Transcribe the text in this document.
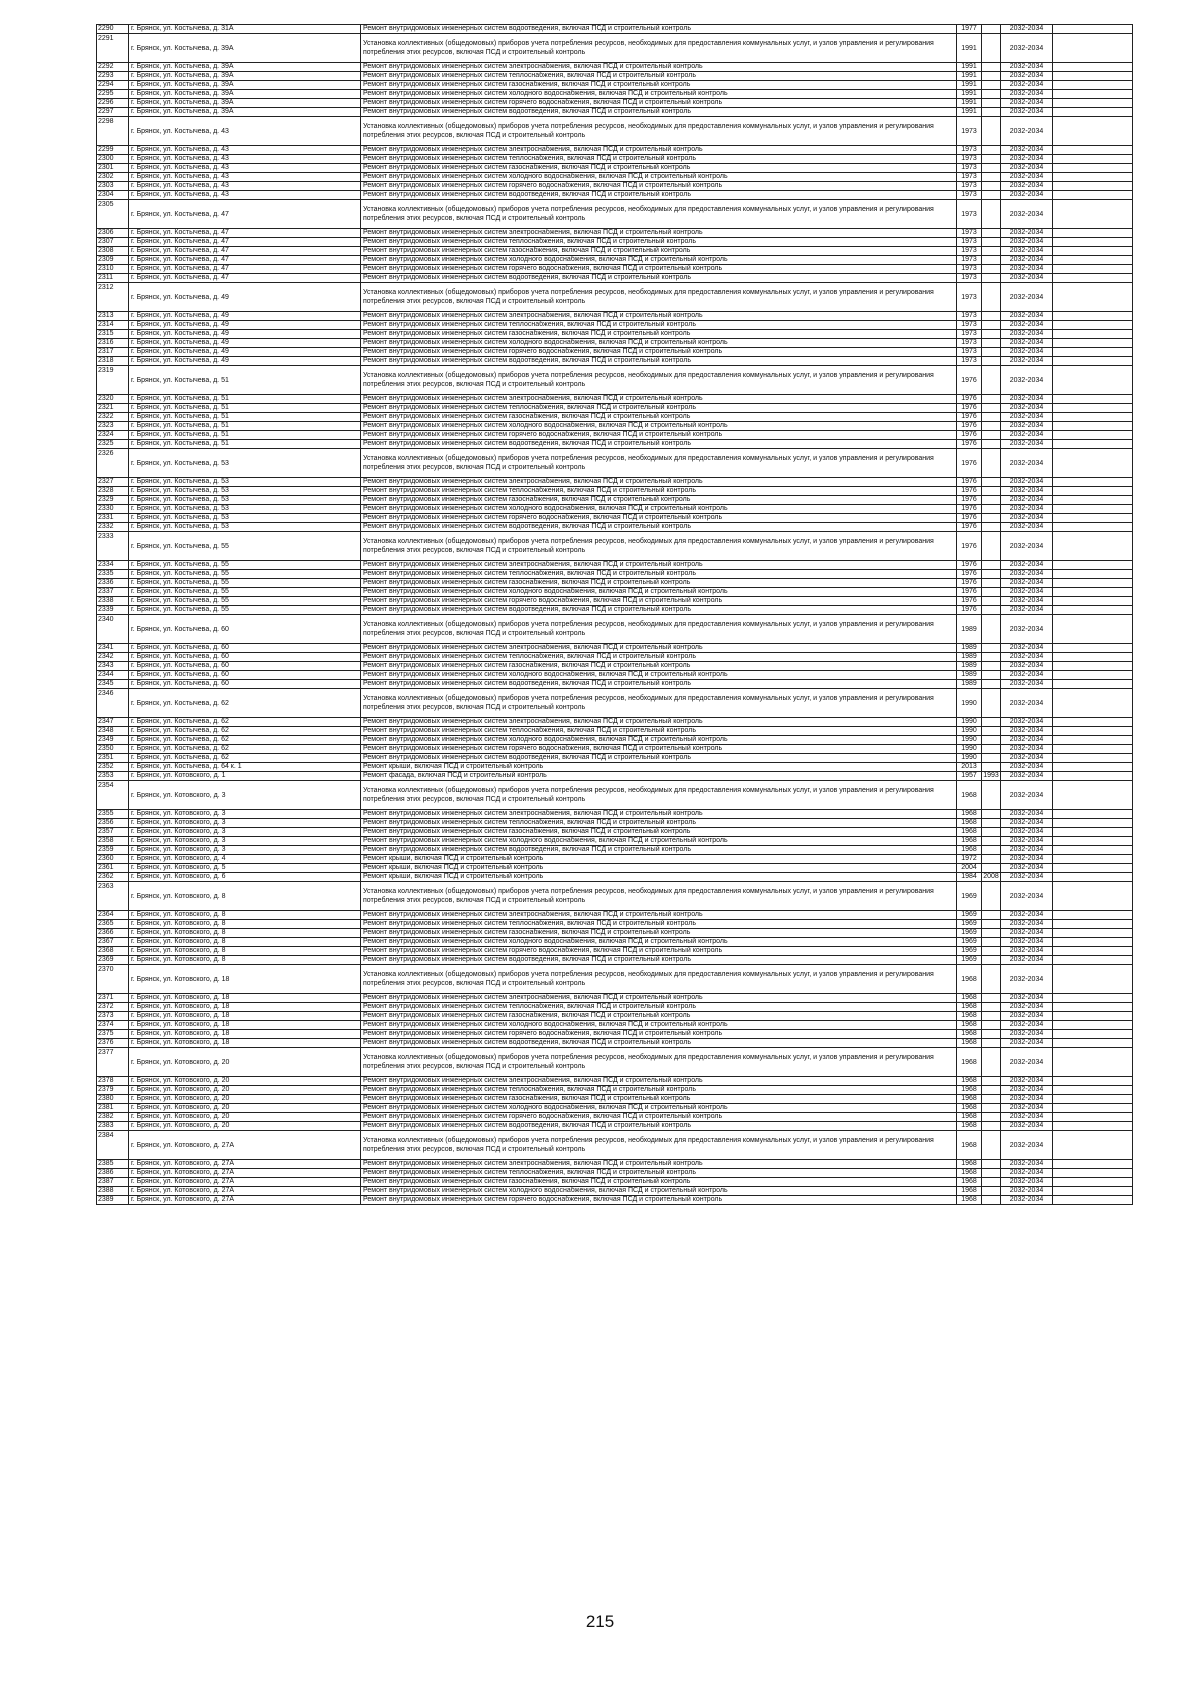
2290	г. Брянск, ул. Костычева, д. 31А	Ремонт внутридомовых инженерных систем водоотведения, включая ПСД и строительный контроль	1977		2032-2034	
2291	г. Брянск, ул. Костычева, д. 39А	Установка коллективных (общедомовых) приборов учета потребления ресурсов, необходимых для предоставления коммунальных услуг, и узлов управления и регулирования потребления этих ресурсов, включая ПСД и строительный контроль	1991		2032-2034	
2292	г. Брянск, ул. Костычева, д. 39А	Ремонт внутридомовых инженерных систем электроснабжения, включая ПСД и строительный контроль	1991		2032-2034	
2293	г. Брянск, ул. Костычева, д. 39А	Ремонт внутридомовых инженерных систем теплоснабжения, включая ПСД и строительный контроль	1991		2032-2034	
2294	г. Брянск, ул. Костычева, д. 39А	Ремонт внутридомовых инженерных систем газоснабжения, включая ПСД и строительный контроль	1991		2032-2034	
2295	г. Брянск, ул. Костычева, д. 39А	Ремонт внутридомовых инженерных систем холодного водоснабжения, включая ПСД и строительный контроль	1991		2032-2034	
2296	г. Брянск, ул. Костычева, д. 39А	Ремонт внутридомовых инженерных систем горячего водоснабжения, включая ПСД и строительный контроль	1991		2032-2034	
2297	г. Брянск, ул. Костычева, д. 39А	Ремонт внутридомовых инженерных систем водоотведения, включая ПСД и строительный контроль	1991		2032-2034	
2298	г. Брянск, ул. Костычева, д. 43	Установка коллективных (общедомовых) приборов учета потребления ресурсов, необходимых для предоставления коммунальных услуг, и узлов управления и регулирования потребления этих ресурсов, включая ПСД и строительный контроль	1973		2032-2034	
2299	г. Брянск, ул. Костычева, д. 43	Ремонт внутридомовых инженерных систем электроснабжения, включая ПСД и строительный контроль	1973		2032-2034	
2300	г. Брянск, ул. Костычева, д. 43	Ремонт внутридомовых инженерных систем теплоснабжения, включая ПСД и строительный контроль	1973		2032-2034	
2301	г. Брянск, ул. Костычева, д. 43	Ремонт внутридомовых инженерных систем газоснабжения, включая ПСД и строительный контроль	1973		2032-2034	
2302	г. Брянск, ул. Костычева, д. 43	Ремонт внутридомовых инженерных систем холодного водоснабжения, включая ПСД и строительный контроль	1973		2032-2034	
2303	г. Брянск, ул. Костычева, д. 43	Ремонт внутридомовых инженерных систем горячего водоснабжения, включая ПСД и строительный контроль	1973		2032-2034	
2304	г. Брянск, ул. Костычева, д. 43	Ремонт внутридомовых инженерных систем водоотведения, включая ПСД и строительный контроль	1973		2032-2034	
2305	г. Брянск, ул. Костычева, д. 47	Установка коллективных (общедомовых) приборов учета потребления ресурсов, необходимых для предоставления коммунальных услуг, и узлов управления и регулирования потребления этих ресурсов, включая ПСД и строительный контроль	1973		2032-2034	
2306	г. Брянск, ул. Костычева, д. 47	Ремонт внутридомовых инженерных систем электроснабжения, включая ПСД и строительный контроль	1973		2032-2034	
2307	г. Брянск, ул. Костычева, д. 47	Ремонт внутридомовых инженерных систем теплоснабжения, включая ПСД и строительный контроль	1973		2032-2034	
2308	г. Брянск, ул. Костычева, д. 47	Ремонт внутридомовых инженерных систем газоснабжения, включая ПСД и строительный контроль	1973		2032-2034	
2309	г. Брянск, ул. Костычева, д. 47	Ремонт внутридомовых инженерных систем холодного водоснабжения, включая ПСД и строительный контроль	1973		2032-2034	
2310	г. Брянск, ул. Костычева, д. 47	Ремонт внутридомовых инженерных систем горячего водоснабжения, включая ПСД и строительный контроль	1973		2032-2034	
2311	г. Брянск, ул. Костычева, д. 47	Ремонт внутридомовых инженерных систем водоотведения, включая ПСД и строительный контроль	1973		2032-2034	
2312	г. Брянск, ул. Костычева, д. 49	Установка коллективных (общедомовых) приборов учета потребления ресурсов, необходимых для предоставления коммунальных услуг, и узлов управления и регулирования потребления этих ресурсов, включая ПСД и строительный контроль	1973		2032-2034	
2313	г. Брянск, ул. Костычева, д. 49	Ремонт внутридомовых инженерных систем электроснабжения, включая ПСД и строительный контроль	1973		2032-2034	
2314	г. Брянск, ул. Костычева, д. 49	Ремонт внутридомовых инженерных систем теплоснабжения, включая ПСД и строительный контроль	1973		2032-2034	
2315	г. Брянск, ул. Костычева, д. 49	Ремонт внутридомовых инженерных систем газоснабжения, включая ПСД и строительный контроль	1973		2032-2034	
2316	г. Брянск, ул. Костычева, д. 49	Ремонт внутридомовых инженерных систем холодного водоснабжения, включая ПСД и строительный контроль	1973		2032-2034	
2317	г. Брянск, ул. Костычева, д. 49	Ремонт внутридомовых инженерных систем горячего водоснабжения, включая ПСД и строительный контроль	1973		2032-2034	
2318	г. Брянск, ул. Костычева, д. 49	Ремонт внутридомовых инженерных систем водоотведения, включая ПСД и строительный контроль	1973		2032-2034	
2319	г. Брянск, ул. Костычева, д. 51	Установка коллективных (общедомовых) приборов учета потребления ресурсов, необходимых для предоставления коммунальных услуг, и узлов управления и регулирования потребления этих ресурсов, включая ПСД и строительный контроль	1976		2032-2034	
2320	г. Брянск, ул. Костычева, д. 51	Ремонт внутридомовых инженерных систем электроснабжения, включая ПСД и строительный контроль	1976		2032-2034	
2321	г. Брянск, ул. Костычева, д. 51	Ремонт внутридомовых инженерных систем теплоснабжения, включая ПСД и строительный контроль	1976		2032-2034	
2322	г. Брянск, ул. Костычева, д. 51	Ремонт внутридомовых инженерных систем газоснабжения, включая ПСД и строительный контроль	1976		2032-2034	
2323	г. Брянск, ул. Костычева, д. 51	Ремонт внутридомовых инженерных систем холодного водоснабжения, включая ПСД и строительный контроль	1976		2032-2034	
2324	г. Брянск, ул. Костычева, д. 51	Ремонт внутридомовых инженерных систем горячего водоснабжения, включая ПСД и строительный контроль	1976		2032-2034	
2325	г. Брянск, ул. Костычева, д. 51	Ремонт внутридомовых инженерных систем водоотведения, включая ПСД и строительный контроль	1976		2032-2034	
2326	г. Брянск, ул. Костычева, д. 53	Установка коллективных (общедомовых) приборов учета потребления ресурсов, необходимых для предоставления коммунальных услуг, и узлов управления и регулирования потребления этих ресурсов, включая ПСД и строительный контроль	1976		2032-2034	
2327	г. Брянск, ул. Костычева, д. 53	Ремонт внутридомовых инженерных систем электроснабжения, включая ПСД и строительный контроль	1976		2032-2034	
2328	г. Брянск, ул. Костычева, д. 53	Ремонт внутридомовых инженерных систем теплоснабжения, включая ПСД и строительный контроль	1976		2032-2034	
2329	г. Брянск, ул. Костычева, д. 53	Ремонт внутридомовых инженерных систем газоснабжения, включая ПСД и строительный контроль	1976		2032-2034	
2330	г. Брянск, ул. Костычева, д. 53	Ремонт внутридомовых инженерных систем холодного водоснабжения, включая ПСД и строительный контроль	1976		2032-2034	
2331	г. Брянск, ул. Костычева, д. 53	Ремонт внутридомовых инженерных систем горячего водоснабжения, включая ПСД и строительный контроль	1976		2032-2034	
2332	г. Брянск, ул. Костычева, д. 53	Ремонт внутридомовых инженерных систем водоотведения, включая ПСД и строительный контроль	1976		2032-2034	
2333	г. Брянск, ул. Костычева, д. 55	Установка коллективных (общедомовых) приборов учета потребления ресурсов, необходимых для предоставления коммунальных услуг, и узлов управления и регулирования потребления этих ресурсов, включая ПСД и строительный контроль	1976		2032-2034	
2334	г. Брянск, ул. Костычева, д. 55	Ремонт внутридомовых инженерных систем электроснабжения, включая ПСД и строительный контроль	1976		2032-2034	
2335	г. Брянск, ул. Костычева, д. 55	Ремонт внутридомовых инженерных систем теплоснабжения, включая ПСД и строительный контроль	1976		2032-2034	
2336	г. Брянск, ул. Костычева, д. 55	Ремонт внутридомовых инженерных систем газоснабжения, включая ПСД и строительный контроль	1976		2032-2034	
2337	г. Брянск, ул. Костычева, д. 55	Ремонт внутридомовых инженерных систем холодного водоснабжения, включая ПСД и строительный контроль	1976		2032-2034	
2338	г. Брянск, ул. Костычева, д. 55	Ремонт внутридомовых инженерных систем горячего водоснабжения, включая ПСД и строительный контроль	1976		2032-2034	
2339	г. Брянск, ул. Костычева, д. 55	Ремонт внутридомовых инженерных систем водоотведения, включая ПСД и строительный контроль	1976		2032-2034	
2340	г. Брянск, ул. Костычева, д. 60	Установка коллективных (общедомовых) приборов учета потребления ресурсов, необходимых для предоставления коммунальных услуг, и узлов управления и регулирования потребления этих ресурсов, включая ПСД и строительный контроль	1989		2032-2034	
2341	г. Брянск, ул. Костычева, д. 60	Ремонт внутридомовых инженерных систем электроснабжения, включая ПСД и строительный контроль	1989		2032-2034	
2342	г. Брянск, ул. Костычева, д. 60	Ремонт внутридомовых инженерных систем теплоснабжения, включая ПСД и строительный контроль	1989		2032-2034	
2343	г. Брянск, ул. Костычева, д. 60	Ремонт внутридомовых инженерных систем газоснабжения, включая ПСД и строительный контроль	1989		2032-2034	
2344	г. Брянск, ул. Костычева, д. 60	Ремонт внутридомовых инженерных систем холодного водоснабжения, включая ПСД и строительный контроль	1989		2032-2034	
2345	г. Брянск, ул. Костычева, д. 60	Ремонт внутридомовых инженерных систем водоотведения, включая ПСД и строительный контроль	1989		2032-2034	
2346	г. Брянск, ул. Костычева, д. 62	Установка коллективных (общедомовых) приборов учета потребления ресурсов, необходимых для предоставления коммунальных услуг, и узлов управления и регулирования потребления этих ресурсов, включая ПСД и строительный контроль	1990		2032-2034	
2347	г. Брянск, ул. Костычева, д. 62	Ремонт внутридомовых инженерных систем электроснабжения, включая ПСД и строительный контроль	1990		2032-2034	
2348	г. Брянск, ул. Костычева, д. 62	Ремонт внутридомовых инженерных систем теплоснабжения, включая ПСД и строительный контроль	1990		2032-2034	
2349	г. Брянск, ул. Костычева, д. 62	Ремонт внутридомовых инженерных систем холодного водоснабжения, включая ПСД и строительный контроль	1990		2032-2034	
2350	г. Брянск, ул. Костычева, д. 62	Ремонт внутридомовых инженерных систем горячего водоснабжения, включая ПСД и строительный контроль	1990		2032-2034	
2351	г. Брянск, ул. Костычева, д. 62	Ремонт внутридомовых инженерных систем водоотведения, включая ПСД и строительный контроль	1990		2032-2034	
2352	г. Брянск, ул. Костычева, д. 64 к. 1	Ремонт крыши, включая ПСД и строительный контроль	2013		2032-2034	
2353	г. Брянск, ул. Котовского, д. 1	Ремонт фасада, включая ПСД и строительный контроль	1957	1993	2032-2034	
2354	г. Брянск, ул. Котовского, д. 3	Установка коллективных (общедомовых) приборов учета потребления ресурсов, необходимых для предоставления коммунальных услуг, и узлов управления и регулирования потребления этих ресурсов, включая ПСД и строительный контроль	1968		2032-2034	
2355	г. Брянск, ул. Котовского, д. 3	Ремонт внутридомовых инженерных систем электроснабжения, включая ПСД и строительный контроль	1968		2032-2034	
2356	г. Брянск, ул. Котовского, д. 3	Ремонт внутридомовых инженерных систем теплоснабжения, включая ПСД и строительный контроль	1968		2032-2034	
2357	г. Брянск, ул. Котовского, д. 3	Ремонт внутридомовых инженерных систем газоснабжения, включая ПСД и строительный контроль	1968		2032-2034	
2358	г. Брянск, ул. Котовского, д. 3	Ремонт внутридомовых инженерных систем холодного водоснабжения, включая ПСД и строительный контроль	1968		2032-2034	
2359	г. Брянск, ул. Котовского, д. 3	Ремонт внутридомовых инженерных систем водоотведения, включая ПСД и строительный контроль	1968		2032-2034	
2360	г. Брянск, ул. Котовского, д. 4	Ремонт крыши, включая ПСД и строительный контроль	1972		2032-2034	
2361	г. Брянск, ул. Котовского, д. 5	Ремонт крыши, включая ПСД и строительный контроль	2004		2032-2034	
2362	г. Брянск, ул. Котовского, д. 6	Ремонт крыши, включая ПСД и строительный контроль	1984	2008	2032-2034	
2363	г. Брянск, ул. Котовского, д. 8	Установка коллективных (общедомовых) приборов учета потребления ресурсов, необходимых для предоставления коммунальных услуг, и узлов управления и регулирования потребления этих ресурсов, включая ПСД и строительный контроль	1969		2032-2034	
2364	г. Брянск, ул. Котовского, д. 8	Ремонт внутридомовых инженерных систем электроснабжения, включая ПСД и строительный контроль	1969		2032-2034	
2365	г. Брянск, ул. Котовского, д. 8	Ремонт внутридомовых инженерных систем теплоснабжения, включая ПСД и строительный контроль	1969		2032-2034	
2366	г. Брянск, ул. Котовского, д. 8	Ремонт внутридомовых инженерных систем газоснабжения, включая ПСД и строительный контроль	1969		2032-2034	
2367	г. Брянск, ул. Котовского, д. 8	Ремонт внутридомовых инженерных систем холодного водоснабжения, включая ПСД и строительный контроль	1969		2032-2034	
2368	г. Брянск, ул. Котовского, д. 8	Ремонт внутридомовых инженерных систем горячего водоснабжения, включая ПСД и строительный контроль	1969		2032-2034	
2369	г. Брянск, ул. Котовского, д. 8	Ремонт внутридомовых инженерных систем водоотведения, включая ПСД и строительный контроль	1969		2032-2034	
2370	г. Брянск, ул. Котовского, д. 18	Установка коллективных (общедомовых) приборов учета потребления ресурсов, необходимых для предоставления коммунальных услуг, и узлов управления и регулирования потребления этих ресурсов, включая ПСД и строительный контроль	1968		2032-2034	
2371	г. Брянск, ул. Котовского, д. 18	Ремонт внутридомовых инженерных систем электроснабжения, включая ПСД и строительный контроль	1968		2032-2034	
2372	г. Брянск, ул. Котовского, д. 18	Ремонт внутридомовых инженерных систем теплоснабжения, включая ПСД и строительный контроль	1968		2032-2034	
2373	г. Брянск, ул. Котовского, д. 18	Ремонт внутридомовых инженерных систем газоснабжения, включая ПСД и строительный контроль	1968		2032-2034	
2374	г. Брянск, ул. Котовского, д. 18	Ремонт внутридомовых инженерных систем холодного водоснабжения, включая ПСД и строительный контроль	1968		2032-2034	
2375	г. Брянск, ул. Котовского, д. 18	Ремонт внутридомовых инженерных систем горячего водоснабжения, включая ПСД и строительный контроль	1968		2032-2034	
2376	г. Брянск, ул. Котовского, д. 18	Ремонт внутридомовых инженерных систем водоотведения, включая ПСД и строительный контроль	1968		2032-2034	
2377	г. Брянск, ул. Котовского, д. 20	Установка коллективных (общедомовых) приборов учета потребления ресурсов, необходимых для предоставления коммунальных услуг, и узлов управления и регулирования потребления этих ресурсов, включая ПСД и строительный контроль	1968		2032-2034	
2378	г. Брянск, ул. Котовского, д. 20	Ремонт внутридомовых инженерных систем электроснабжения, включая ПСД и строительный контроль	1968		2032-2034	
2379	г. Брянск, ул. Котовского, д. 20	Ремонт внутридомовых инженерных систем теплоснабжения, включая ПСД и строительный контроль	1968		2032-2034	
2380	г. Брянск, ул. Котовского, д. 20	Ремонт внутридомовых инженерных систем газоснабжения, включая ПСД и строительный контроль	1968		2032-2034	
2381	г. Брянск, ул. Котовского, д. 20	Ремонт внутридомовых инженерных систем холодного водоснабжения, включая ПСД и строительный контроль	1968		2032-2034	
2382	г. Брянск, ул. Котовского, д. 20	Ремонт внутридомовых инженерных систем горячего водоснабжения, включая ПСД и строительный контроль	1968		2032-2034	
2383	г. Брянск, ул. Котовского, д. 20	Ремонт внутридомовых инженерных систем водоотведения, включая ПСД и строительный контроль	1968		2032-2034	
2384	г. Брянск, ул. Котовского, д. 27А	Установка коллективных (общедомовых) приборов учета потребления ресурсов, необходимых для предоставления коммунальных услуг, и узлов управления и регулирования потребления этих ресурсов, включая ПСД и строительный контроль	1968		2032-2034	
2385	г. Брянск, ул. Котовского, д. 27А	Ремонт внутридомовых инженерных систем электроснабжения, включая ПСД и строительный контроль	1968		2032-2034	
2386	г. Брянск, ул. Котовского, д. 27А	Ремонт внутридомовых инженерных систем теплоснабжения, включая ПСД и строительный контроль	1968		2032-2034	
2387	г. Брянск, ул. Котовского, д. 27А	Ремонт внутридомовых инженерных систем газоснабжения, включая ПСД и строительный контроль	1968		2032-2034	
2388	г. Брянск, ул. Котовского, д. 27А	Ремонт внутридомовых инженерных систем холодного водоснабжения, включая ПСД и строительный контроль	1968		2032-2034	
2389	г. Брянск, ул. Котовского, д. 27А	Ремонт внутридомовых инженерных систем горячего водоснабжения, включая ПСД и строительный контроль	1968		2032-2034	
215
